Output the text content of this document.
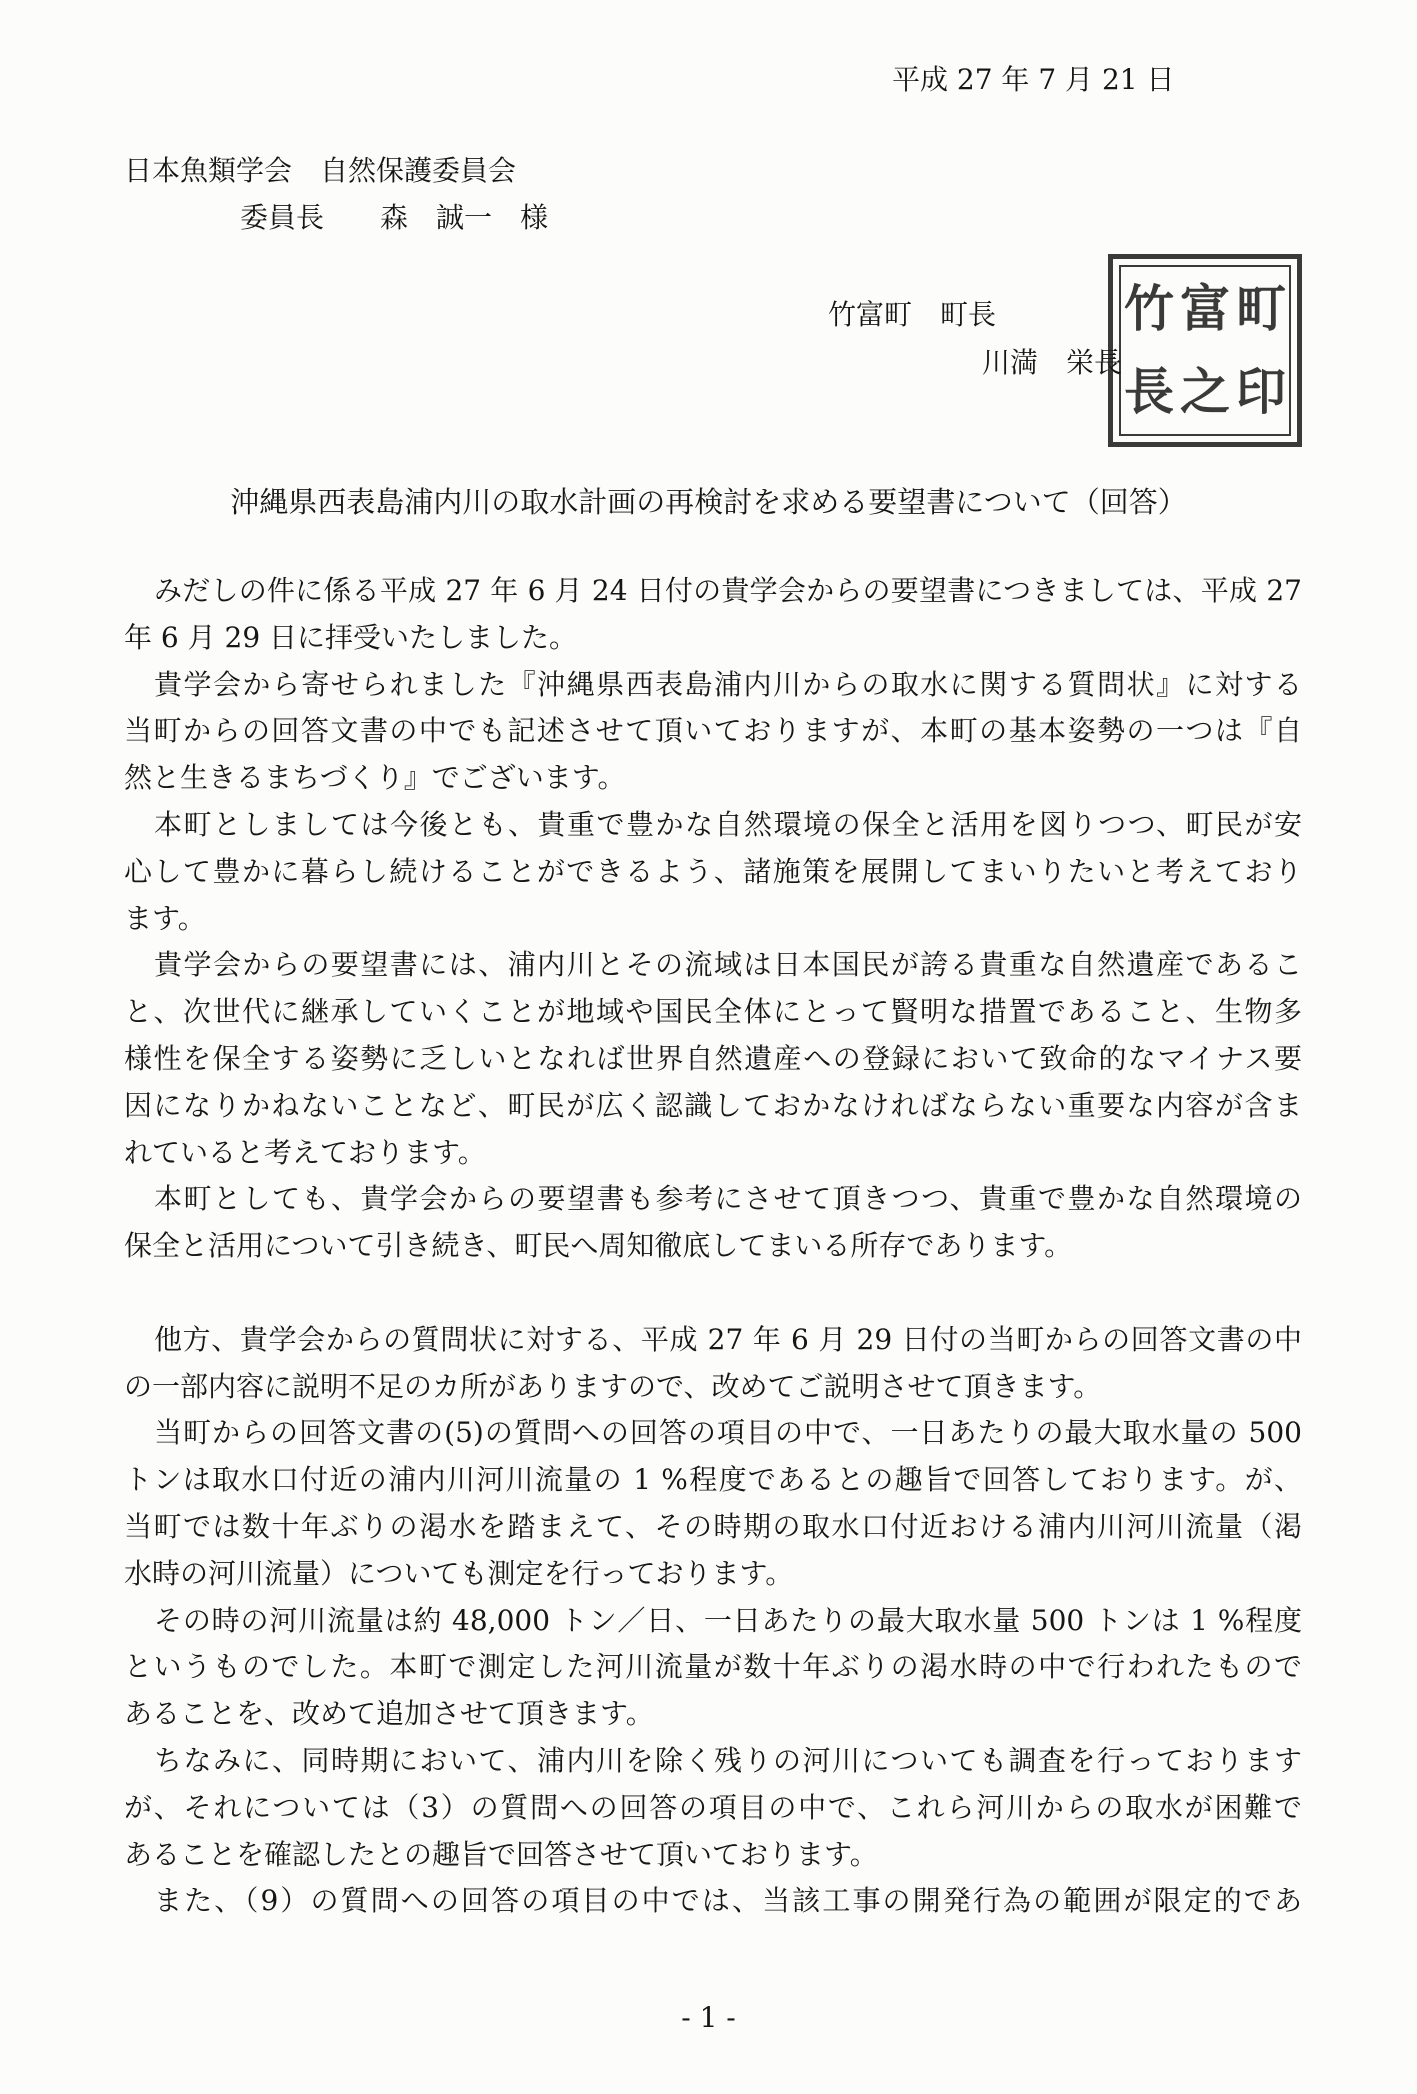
平成 27 年 7 月 21 日
日本魚類学会　自然保護委員会
委員長　　森　誠一　様
竹富町　町長
川満　栄長
竹 富 町
長 之 印
沖縄県西表島浦内川の取水計画の再検討を求める要望書について（回答）
みだしの件に係る平成 27 年 6 月 24 日付の貴学会からの要望書につきましては、平成 27
年 6 月 29 日に拝受いたしました。
貴学会から寄せられました『沖縄県西表島浦内川からの取水に関する質問状』に対する
当町からの回答文書の中でも記述させて頂いておりますが、本町の基本姿勢の一つは『自
然と生きるまちづくり』でございます。
本町としましては今後とも、貴重で豊かな自然環境の保全と活用を図りつつ、町民が安
心して豊かに暮らし続けることができるよう、諸施策を展開してまいりたいと考えており
ます。
貴学会からの要望書には、浦内川とその流域は日本国民が誇る貴重な自然遺産であるこ
と、次世代に継承していくことが地域や国民全体にとって賢明な措置であること、生物多
様性を保全する姿勢に乏しいとなれば世界自然遺産への登録において致命的なマイナス要
因になりかねないことなど、町民が広く認識しておかなければならない重要な内容が含ま
れていると考えております。
本町としても、貴学会からの要望書も参考にさせて頂きつつ、貴重で豊かな自然環境の
保全と活用について引き続き、町民へ周知徹底してまいる所存であります。
他方、貴学会からの質問状に対する、平成 27 年 6 月 29 日付の当町からの回答文書の中
の一部内容に説明不足のカ所がありますので、改めてご説明させて頂きます。
当町からの回答文書の(5)の質問への回答の項目の中で、一日あたりの最大取水量の 500
トンは取水口付近の浦内川河川流量の 1 %程度であるとの趣旨で回答しております。が、
当町では数十年ぶりの渇水を踏まえて、その時期の取水口付近おける浦内川河川流量（渇
水時の河川流量）についても測定を行っております。
その時の河川流量は約 48,000 トン／日、一日あたりの最大取水量 500 トンは 1 %程度
というものでした。本町で測定した河川流量が数十年ぶりの渇水時の中で行われたもので
あることを、改めて追加させて頂きます。
ちなみに、同時期において、浦内川を除く残りの河川についても調査を行っております
が、それについては（3）の質問への回答の項目の中で、これら河川からの取水が困難で
あることを確認したとの趣旨で回答させて頂いております。
また、（9）の質問への回答の項目の中では、当該工事の開発行為の範囲が限定的であ
- 1 -
